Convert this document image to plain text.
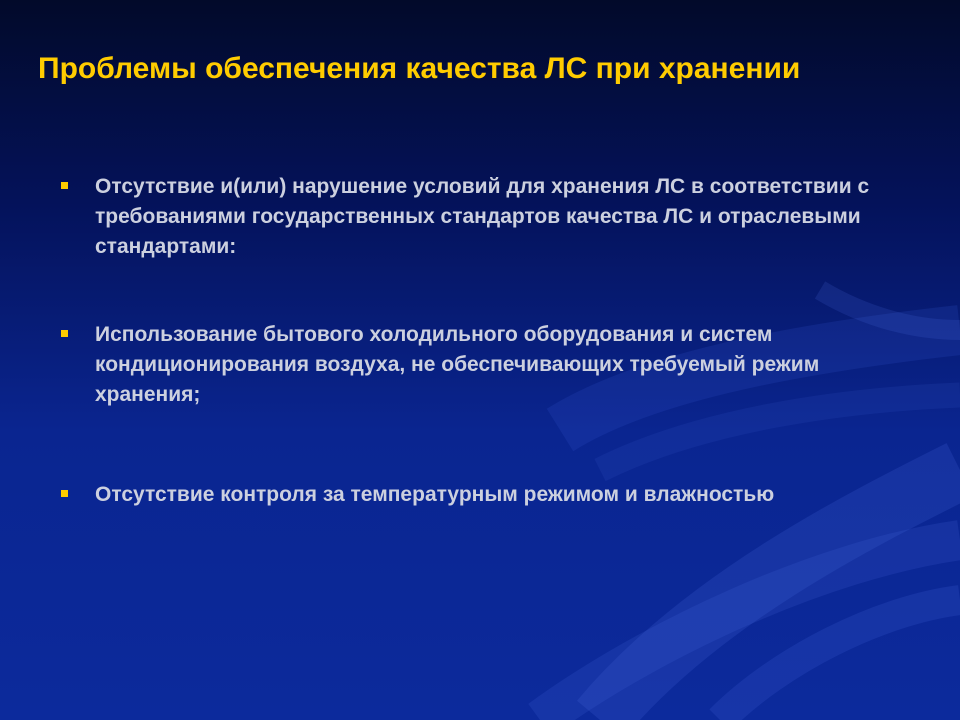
Проблемы обеспечения качества ЛС при хранении
Отсутствие и(или) нарушение условий для хранения ЛС в соответствии с требованиями государственных стандартов качества ЛС и отраслевыми стандартами:
Использование бытового холодильного оборудования и систем кондиционирования воздуха, не обеспечивающих требуемый режим хранения;
Отсутствие контроля за температурным режимом и влажностью
